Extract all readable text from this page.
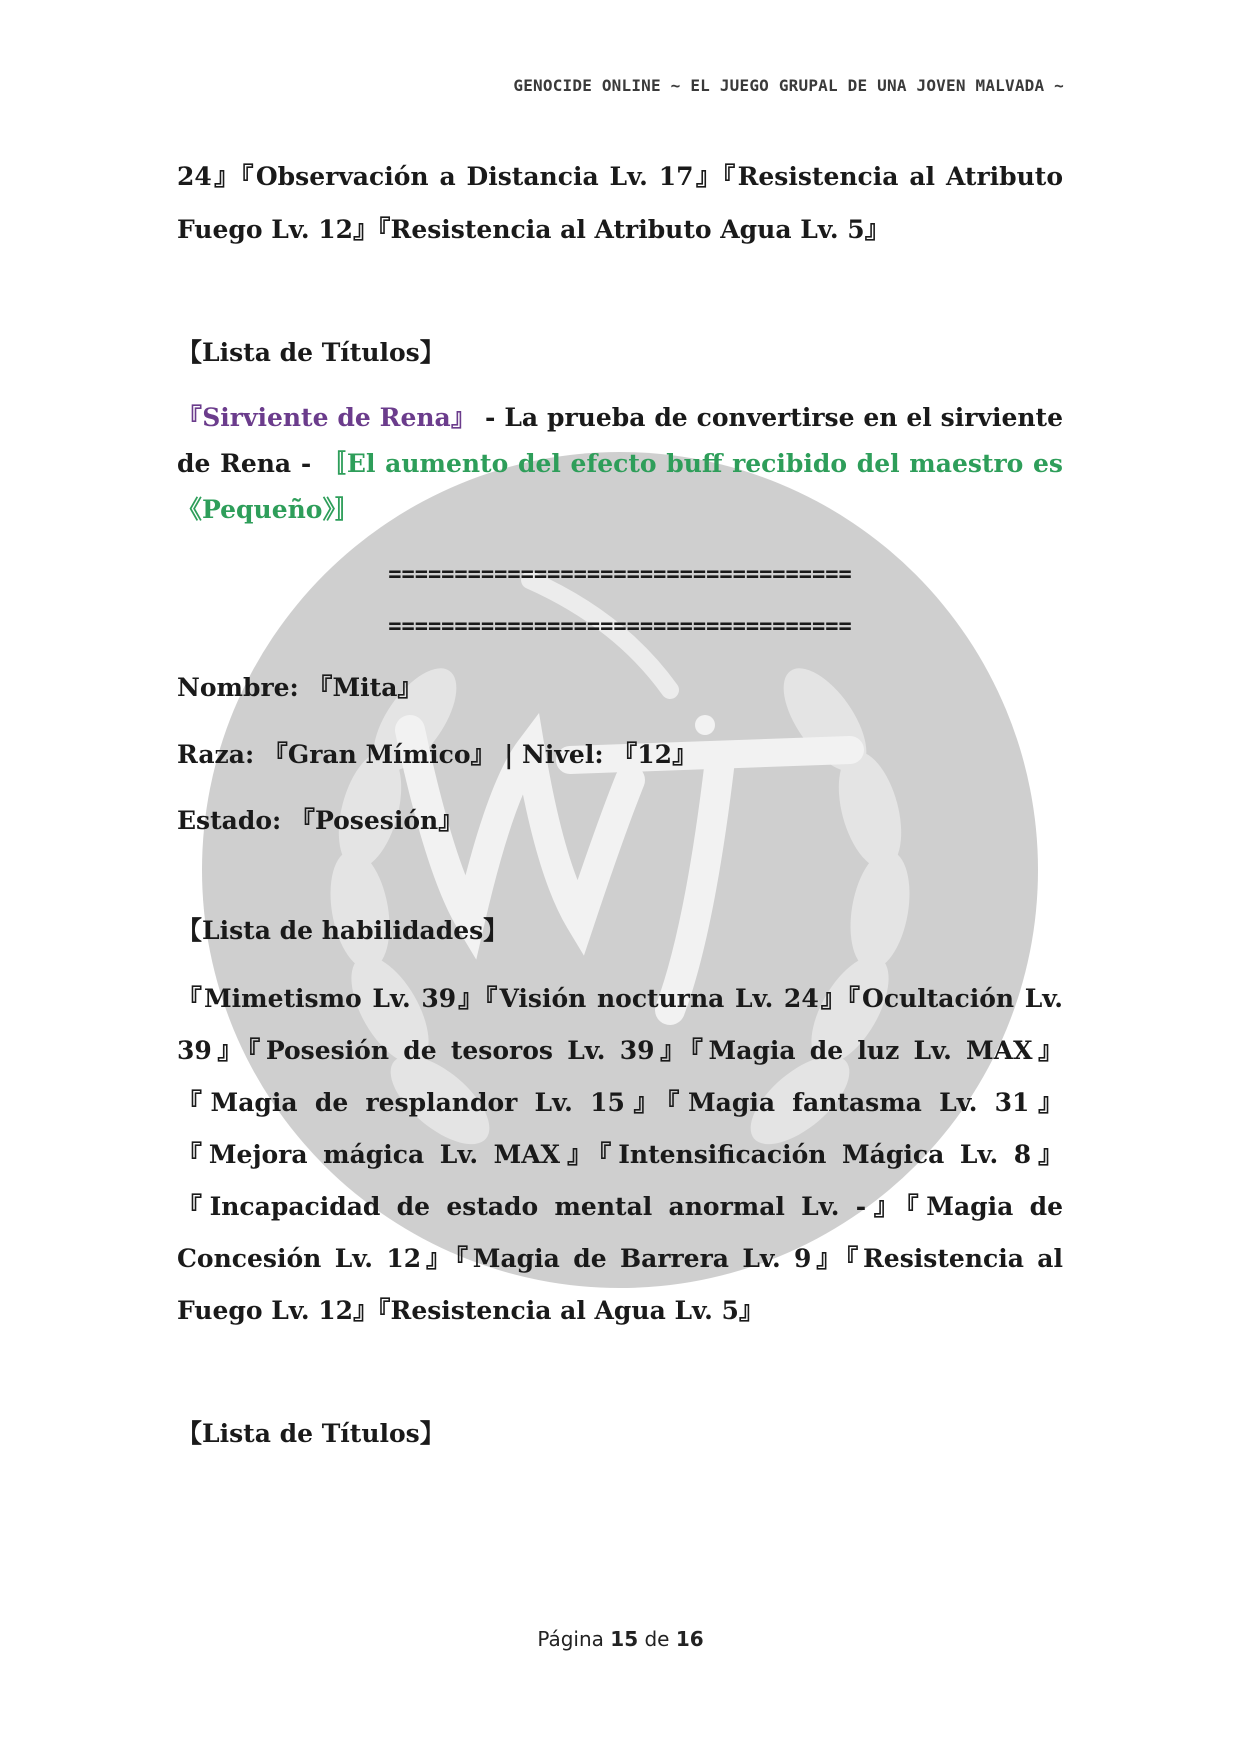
GENOCIDE ONLINE ~ EL JUEGO GRUPAL DE UNA JOVEN MALVADA ~

24』『Observación a Distancia Lv. 17』『Resistencia al Atributo Fuego Lv. 12』『Resistencia al Atributo Agua Lv. 5』

【Lista de Títulos】

『Sirviente de Rena』 - La prueba de convertirse en el sirviente de Rena - 〚El aumento del efecto buff recibido del maestro es《Pequeño》〛

===================================

===================================

Nombre: 『Mita』

Raza: 『Gran Mímico』 | Nivel: 『12』

Estado: 『Posesión』

【Lista de habilidades】

『Mimetismo Lv. 39』『Visión nocturna Lv. 24』『Ocultación Lv. 39』『Posesión de tesoros Lv. 39』『Magia de luz Lv. MAX』『Magia de resplandor Lv. 15』『Magia fantasma Lv. 31』『Mejora mágica Lv. MAX』『Intensificación Mágica Lv. 8』『Incapacidad de estado mental anormal Lv. -』『Magia de Concesión Lv. 12』『Magia de Barrera Lv. 9』『Resistencia al Fuego Lv. 12』『Resistencia al Agua Lv. 5』

【Lista de Títulos】

Página 15 de 16
